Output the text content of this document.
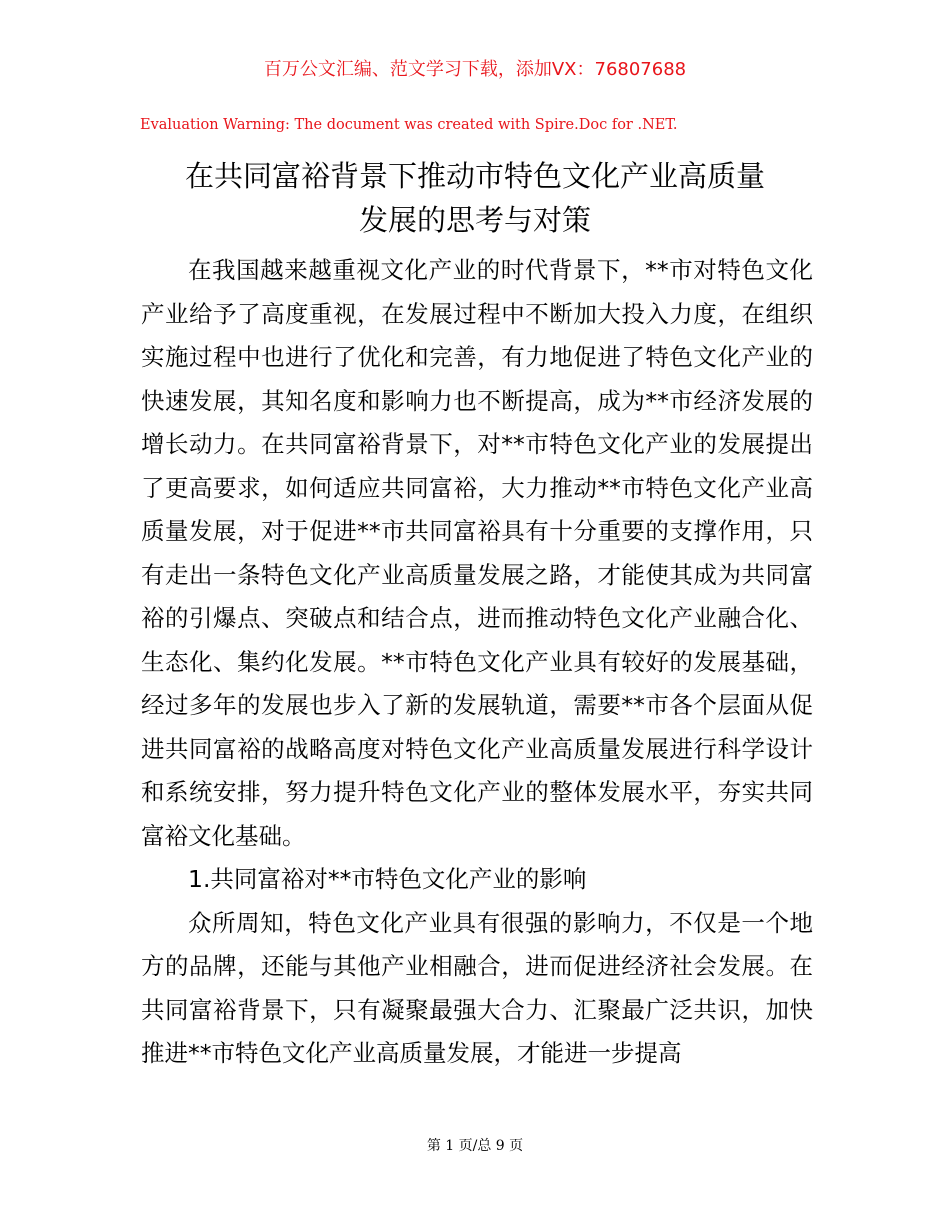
百万公文汇编、范文学习下载，添加VX：76807688
Evaluation Warning: The document was created with Spire.Doc for .NET.
在共同富裕背景下推动市特色文化产业高质量
发展的思考与对策

在我国越来越重视文化产业的时代背景下，**市对特色文化产业给予了高度重视，在发展过程中不断加大投入力度，在组织实施过程中也进行了优化和完善，有力地促进了特色文化产业的快速发展，其知名度和影响力也不断提高，成为**市经济发展的增长动力。在共同富裕背景下，对**市特色文化产业的发展提出了更高要求，如何适应共同富裕，大力推动**市特色文化产业高质量发展，对于促进**市共同富裕具有十分重要的支撑作用，只有走出一条特色文化产业高质量发展之路，才能使其成为共同富裕的引爆点、突破点和结合点，进而推动特色文化产业融合化、生态化、集约化发展。**市特色文化产业具有较好的发展基础，经过多年的发展也步入了新的发展轨道，需要**市各个层面从促进共同富裕的战略高度对特色文化产业高质量发展进行科学设计和系统安排，努力提升特色文化产业的整体发展水平，夯实共同富裕文化基础。

1.共同富裕对**市特色文化产业的影响

众所周知，特色文化产业具有很强的影响力，不仅是一个地方的品牌，还能与其他产业相融合，进而促进经济社会发展。在共同富裕背景下，只有凝聚最强大合力、汇聚最广泛共识，加快推进**市特色文化产业高质量发展，才能进一步提高

第 1 页/总 9 页
